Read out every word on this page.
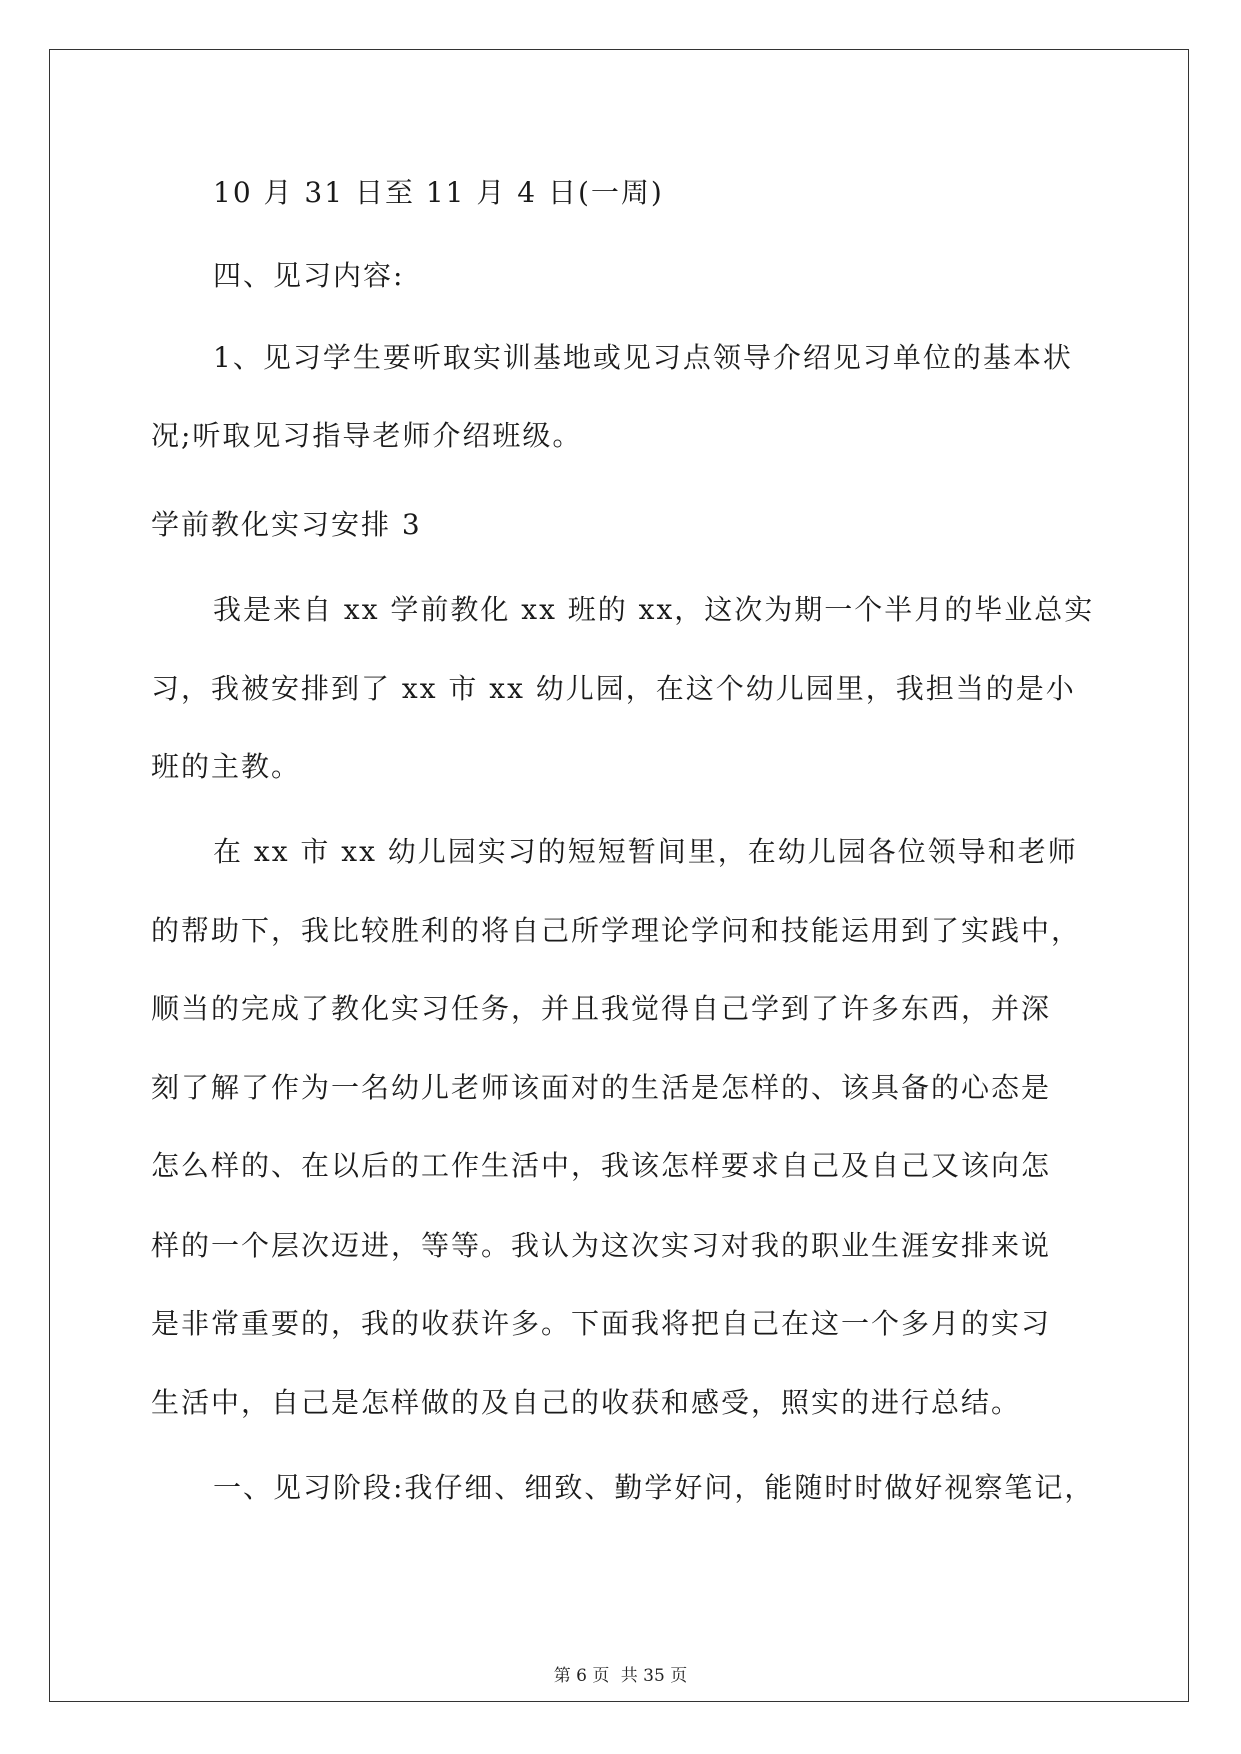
10 月 31 日至 11 月 4 日(一周)
四、见习内容:
1、见习学生要听取实训基地或见习点领导介绍见习单位的基本状
况;听取见习指导老师介绍班级。
学前教化实习安排 3
我是来自 xx 学前教化 xx 班的 xx，这次为期一个半月的毕业总实
习，我被安排到了 xx 市 xx 幼儿园，在这个幼儿园里，我担当的是小
班的主教。
在 xx 市 xx 幼儿园实习的短短暂间里，在幼儿园各位领导和老师
的帮助下，我比较胜利的将自己所学理论学问和技能运用到了实践中，
顺当的完成了教化实习任务，并且我觉得自己学到了许多东西，并深
刻了解了作为一名幼儿老师该面对的生活是怎样的、该具备的心态是
怎么样的、在以后的工作生活中，我该怎样要求自己及自己又该向怎
样的一个层次迈进，等等。我认为这次实习对我的职业生涯安排来说
是非常重要的，我的收获许多。下面我将把自己在这一个多月的实习
生活中，自己是怎样做的及自己的收获和感受，照实的进行总结。
一、见习阶段:我仔细、细致、勤学好问，能随时时做好视察笔记，
第 6 页 共 35 页
